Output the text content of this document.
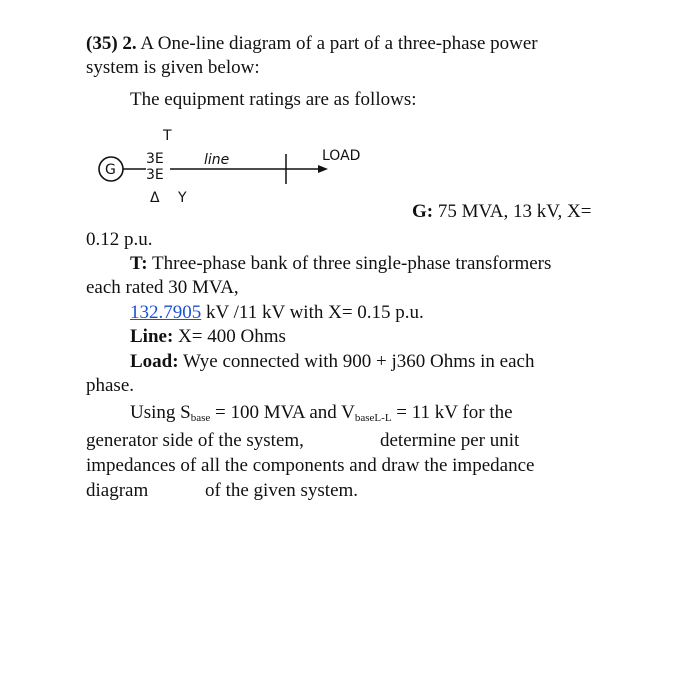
(35) 2. A One-line diagram of a part of a three-phase power
system is given below:
The equipment ratings are as follows:
T
G
3E
3E
line	LOAD
Δ Y
G: 75 MVA, 13 kV, X=
0.12 p.u.
T: Three-phase bank of three single-phase transformers
each rated 30 MVA,
132.7905 kV /11 kV with X= 0.15 p.u.
Line: X= 400 Ohms
Load: Wye connected with 900 + j360 Ohms in each
phase.
Using $S_{base} = 100$ MVA and $V_{baseL-L} = 11$ kV for the
generator side of the system,	determine per unit
impedances of all the components and draw the impedance
diagram	of the given system.
